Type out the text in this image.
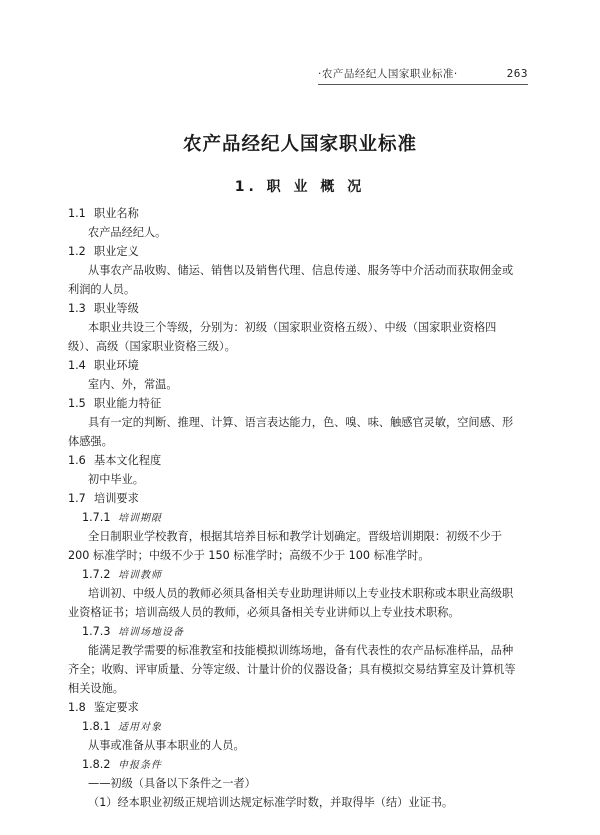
·农产品经纪人国家职业标准·	263
农产品经纪人国家职业标准
1. 职 业 概 况
1.1 职业名称
农产品经纪人。
1.2 职业定义
从事农产品收购、储运、销售以及销售代理、信息传递、服务等中介活动而获取佣金或
利润的人员。
1.3 职业等级
本职业共设三个等级，分别为：初级（国家职业资格五级）、中级（国家职业资格四
级）、高级（国家职业资格三级）。
1.4 职业环境
室内、外，常温。
1.5 职业能力特征
具有一定的判断、推理、计算、语言表达能力，色、嗅、味、触感官灵敏，空间感、形
体感强。
1.6 基本文化程度
初中毕业。
1.7 培训要求
1.7.1 培训期限
全日制职业学校教育，根据其培养目标和教学计划确定。晋级培训期限：初级不少于
200 标准学时；中级不少于 150 标准学时；高级不少于 100 标准学时。
1.7.2 培训教师
培训初、中级人员的教师必须具备相关专业助理讲师以上专业技术职称或本职业高级职
业资格证书；培训高级人员的教师，必须具备相关专业讲师以上专业技术职称。
1.7.3 培训场地设备
能满足教学需要的标准教室和技能模拟训练场地，备有代表性的农产品标准样品，品种
齐全；收购、评审质量、分等定级、计量计价的仪器设备；具有模拟交易结算室及计算机等
相关设施。
1.8 鉴定要求
1.8.1 适用对象
从事或准备从事本职业的人员。
1.8.2 申报条件
——初级（具备以下条件之一者）
（1）经本职业初级正规培训达规定标准学时数，并取得毕（结）业证书。
